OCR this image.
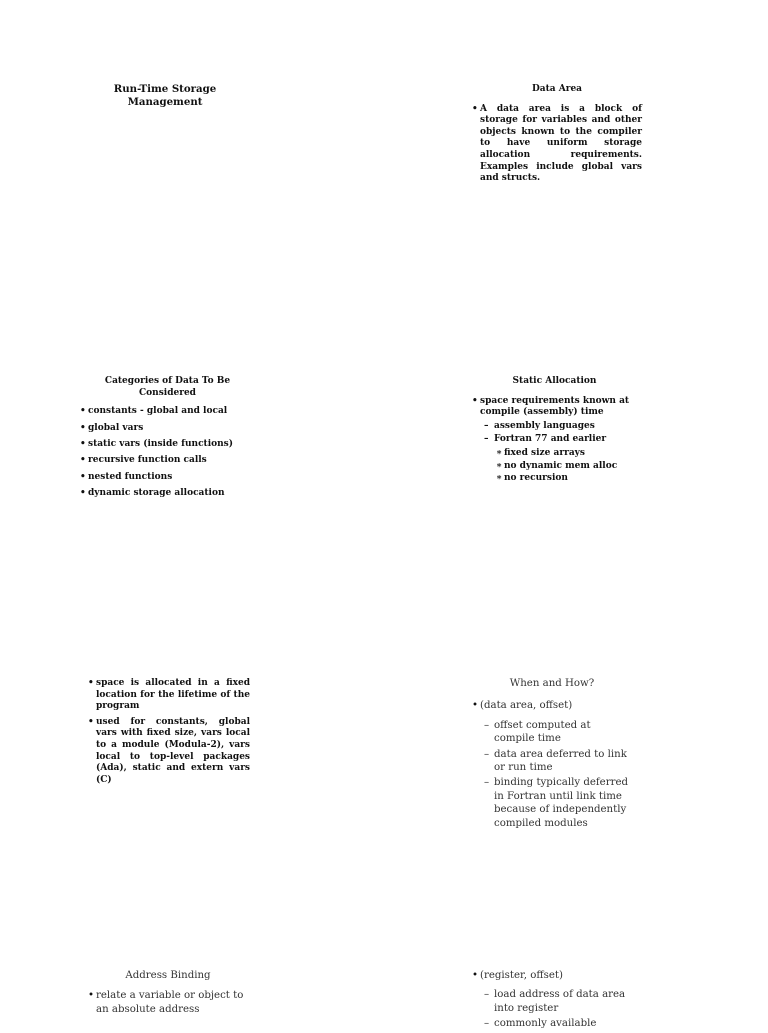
Run-Time Storage
Management
Data Area
• A data area is a block of storage for variables and other objects known to the compiler to have uniform storage allocation requirements. Examples include global vars and structs.
Categories of Data To Be Considered
• constants - global and local
• global vars
• static vars (inside functions)
• recursive function calls
• nested functions
• dynamic storage allocation
Static Allocation
• space requirements known at compile (assembly) time
– assembly languages
– Fortran 77 and earlier
∗ fixed size arrays
∗ no dynamic mem alloc
∗ no recursion
• space is allocated in a fixed location for the lifetime of the program
• used for constants, global vars with fixed size, vars local to a module (Modula-2), vars local to top-level packages (Ada), static and extern vars (C)
When and How?
• (data area, offset)
– offset computed at compile time
– data area deferred to link or run time
– binding typically deferred in Fortran until link time because of independently compiled modules
Address Binding
• relate a variable or object to an absolute address
• (register, offset)
– load address of data area into register
– commonly available
